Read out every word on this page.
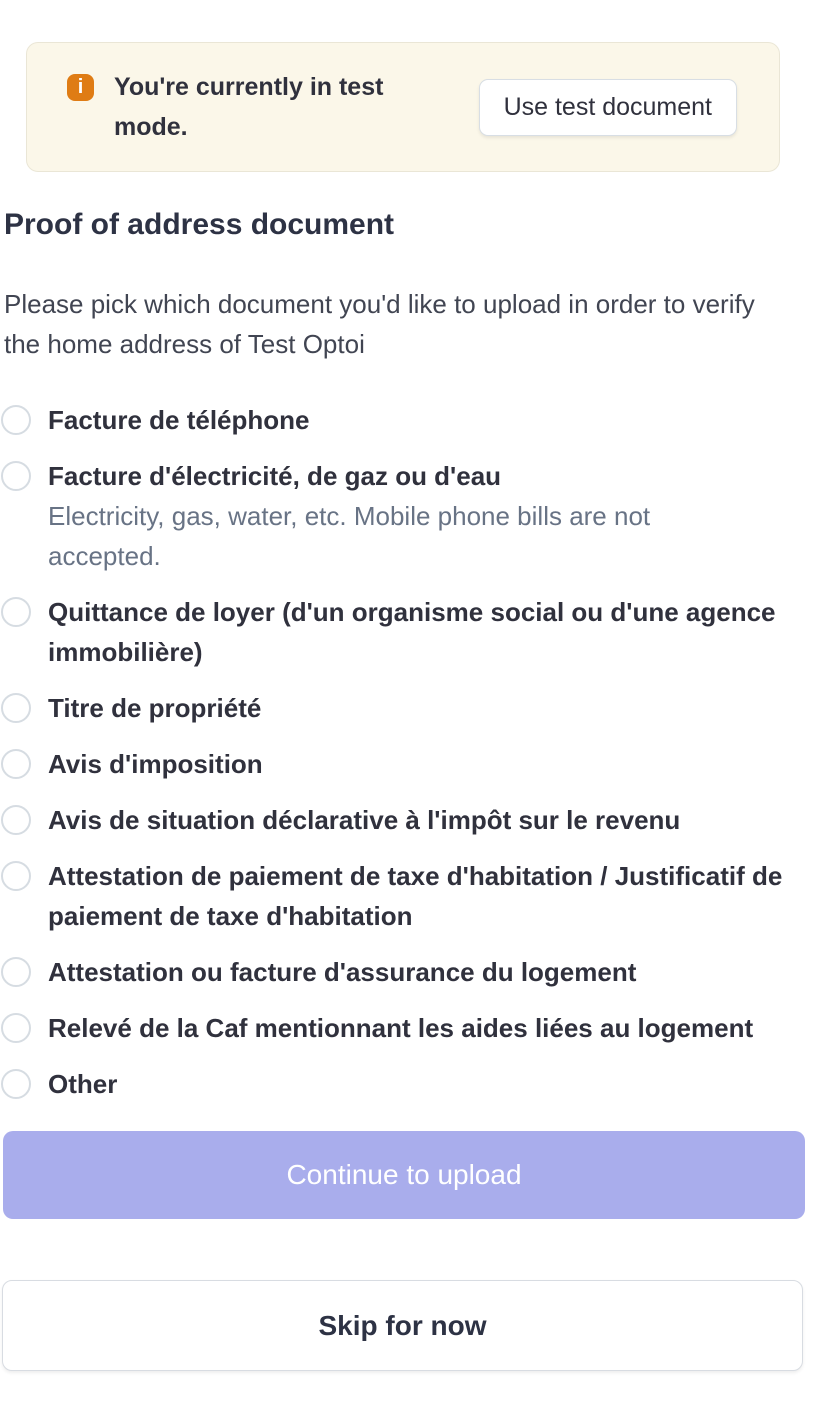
i	You're currently in test mode.
Use test document
Proof of address document

Please pick which document you'd like to upload in order to verify the home address of Test Optoi

Facture de téléphone
Facture d'électricité, de gaz ou d'eau
Electricity, gas, water, etc. Mobile phone bills are not accepted.
Quittance de loyer (d'un organisme social ou d'une agence immobilière)
Titre de propriété
Avis d'imposition
Avis de situation déclarative à l'impôt sur le revenu
Attestation de paiement de taxe d'habitation / Justificatif de paiement de taxe d'habitation
Attestation ou facture d'assurance du logement
Relevé de la Caf mentionnant les aides liées au logement
Other
Continue to upload
Skip for now
